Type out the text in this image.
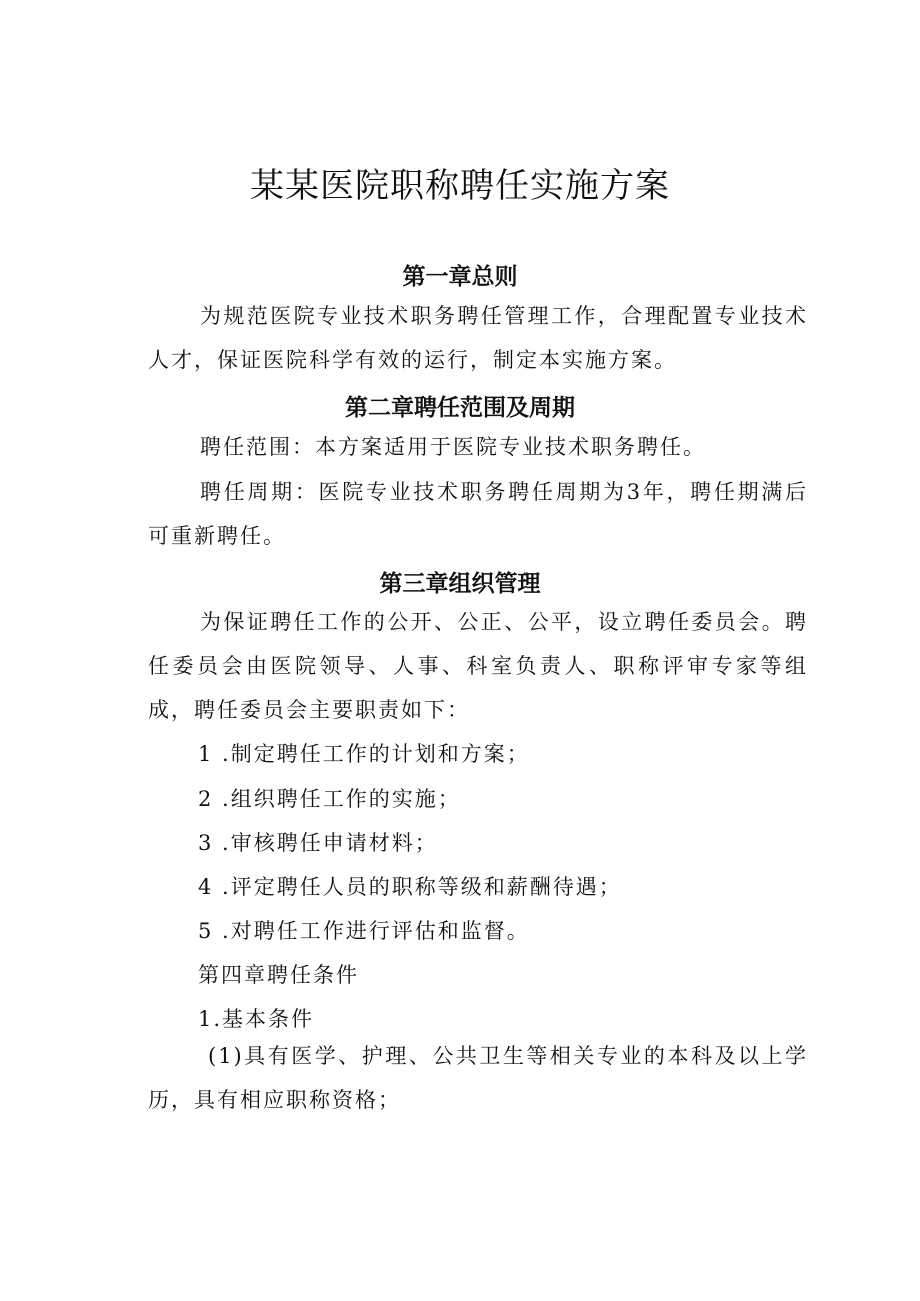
某某医院职称聘任实施方案
第一章总则

为规范医院专业技术职务聘任管理工作，合理配置专业技术人才，保证医院科学有效的运行，制定本实施方案。

第二章聘任范围及周期

聘任范围：本方案适用于医院专业技术职务聘任。

聘任周期：医院专业技术职务聘任周期为3年，聘任期满后可重新聘任。

第三章组织管理

为保证聘任工作的公开、公正、公平，设立聘任委员会。聘任委员会由医院领导、人事、科室负责人、职称评审专家等组成，聘任委员会主要职责如下：

1 .制定聘任工作的计划和方案；

2 .组织聘任工作的实施；

3 .审核聘任申请材料；

4 .评定聘任人员的职称等级和薪酬待遇；

5 .对聘任工作进行评估和监督。

第四章聘任条件

1.基本条件

(1)具有医学、护理、公共卫生等相关专业的本科及以上学历，具有相应职称资格；
